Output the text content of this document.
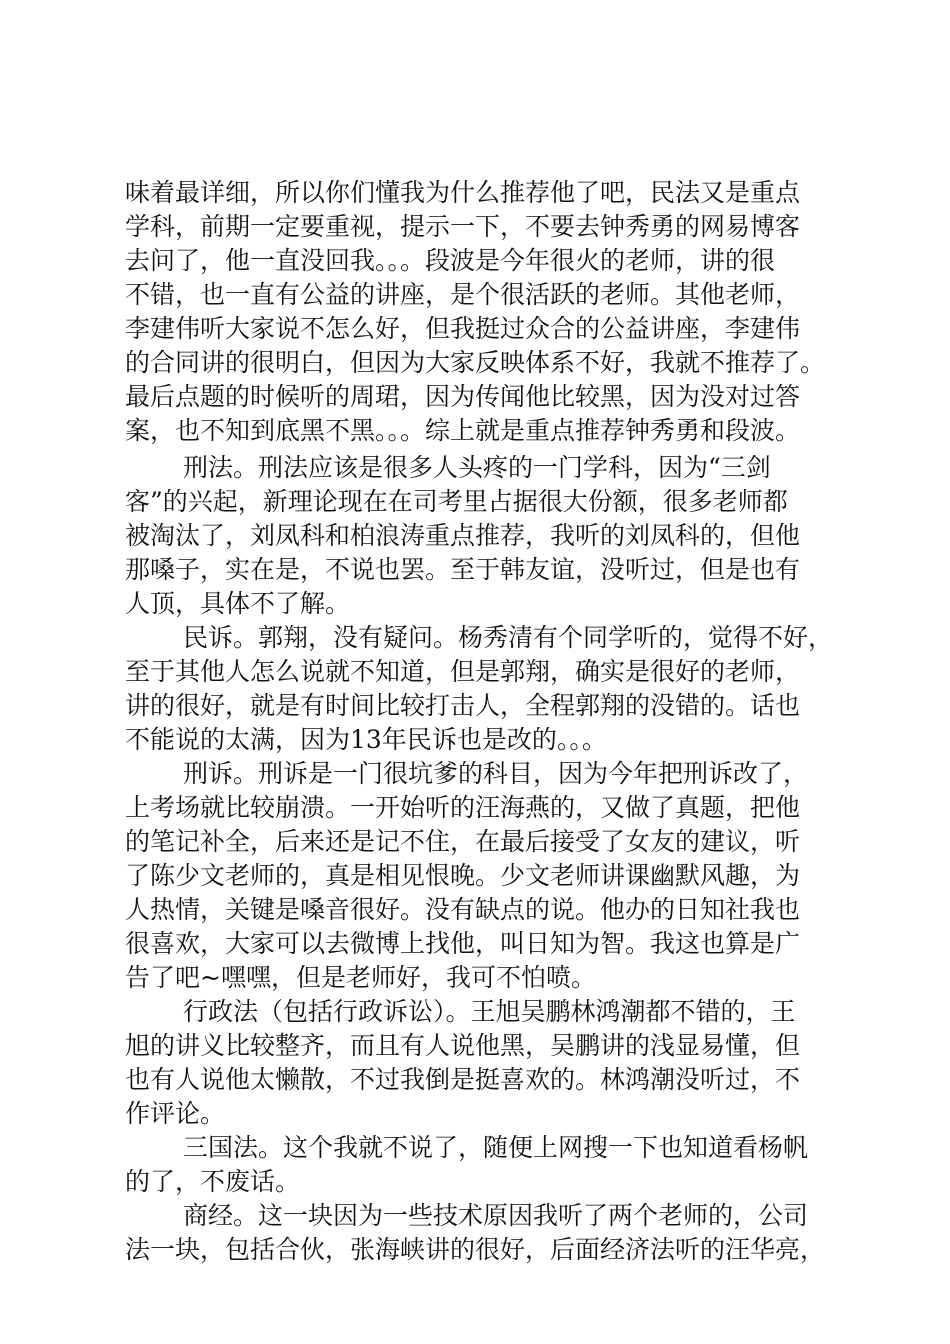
味着最详细，所以你们懂我为什么推荐他了吧，民法又是重点
学科，前期一定要重视，提示一下，不要去钟秀勇的网易博客
去问了，他一直没回我。。。段波是今年很火的老师，讲的很
不错，也一直有公益的讲座，是个很活跃的老师。其他老师，
李建伟听大家说不怎么好，但我挺过众合的公益讲座，李建伟
的合同讲的很明白，但因为大家反映体系不好，我就不推荐了。
最后点题的时候听的周珺，因为传闻他比较黑，因为没对过答
案，也不知到底黑不黑。。。综上就是重点推荐钟秀勇和段波。
刑法。刑法应该是很多人头疼的一门学科，因为“三剑
客”的兴起，新理论现在在司考里占据很大份额，很多老师都
被淘汰了，刘凤科和柏浪涛重点推荐，我听的刘凤科的，但他
那嗓子，实在是，不说也罢。至于韩友谊，没听过，但是也有
人顶，具体不了解。
民诉。郭翔，没有疑问。杨秀清有个同学听的，觉得不好，
至于其他人怎么说就不知道，但是郭翔，确实是很好的老师，
讲的很好，就是有时间比较打击人，全程郭翔的没错的。话也
不能说的太满，因为13年民诉也是改的。。。
刑诉。刑诉是一门很坑爹的科目，因为今年把刑诉改了，
上考场就比较崩溃。一开始听的汪海燕的，又做了真题，把他
的笔记补全，后来还是记不住，在最后接受了女友的建议，听
了陈少文老师的，真是相见恨晚。少文老师讲课幽默风趣，为
人热情，关键是嗓音很好。没有缺点的说。他办的日知社我也
很喜欢，大家可以去微博上找他，叫日知为智。我这也算是广
告了吧~嘿嘿，但是老师好，我可不怕喷。
行政法（包括行政诉讼）。王旭吴鹏林鸿潮都不错的，王
旭的讲义比较整齐，而且有人说他黑，吴鹏讲的浅显易懂，但
也有人说他太懒散，不过我倒是挺喜欢的。林鸿潮没听过，不
作评论。
三国法。这个我就不说了，随便上网搜一下也知道看杨帆
的了，不废话。
商经。这一块因为一些技术原因我听了两个老师的，公司
法一块，包括合伙，张海峡讲的很好，后面经济法听的汪华亮，
